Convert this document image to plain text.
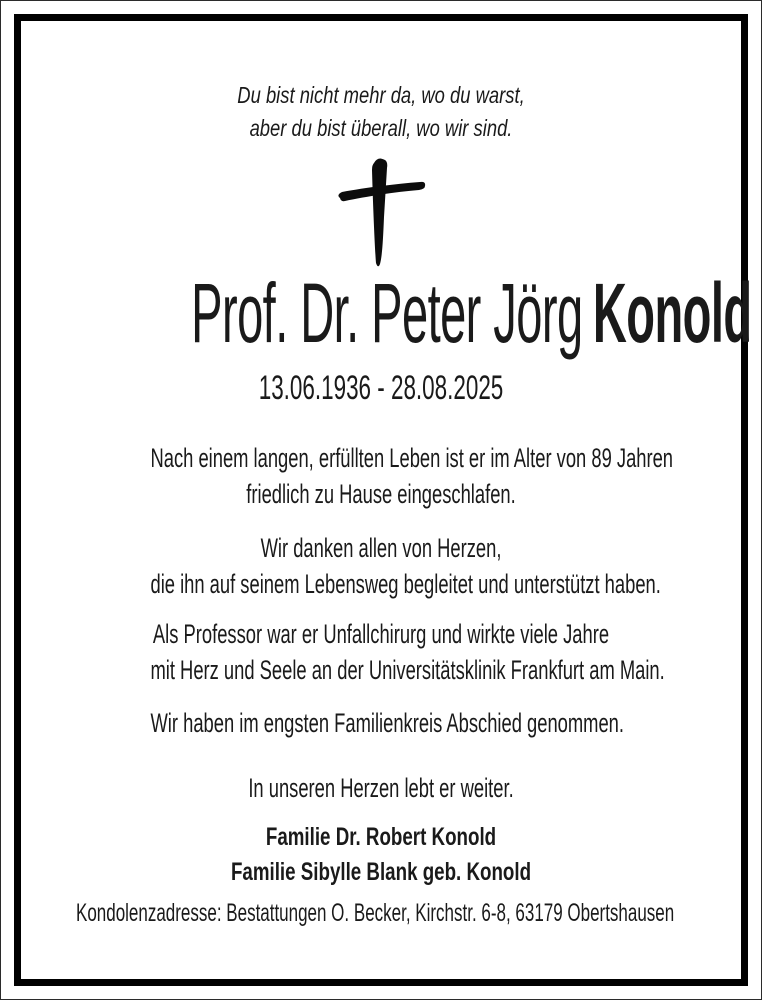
Du bist nicht mehr da, wo du warst,
aber du bist überall, wo wir sind.
Prof. Dr. Peter Jörg Konold
13.06.1936 - 28.08.2025
Nach einem langen, erfüllten Leben ist er im Alter von 89 Jahren
friedlich zu Hause eingeschlafen.
Wir danken allen von Herzen,
die ihn auf seinem Lebensweg begleitet und unterstützt haben.
Als Professor war er Unfallchirurg und wirkte viele Jahre
mit Herz und Seele an der Universitätsklinik Frankfurt am Main.
Wir haben im engsten Familienkreis Abschied genommen.
In unseren Herzen lebt er weiter.
Familie Dr. Robert Konold
Familie Sibylle Blank geb. Konold
Kondolenzadresse: Bestattungen O. Becker, Kirchstr. 6-8, 63179 Obertshausen
